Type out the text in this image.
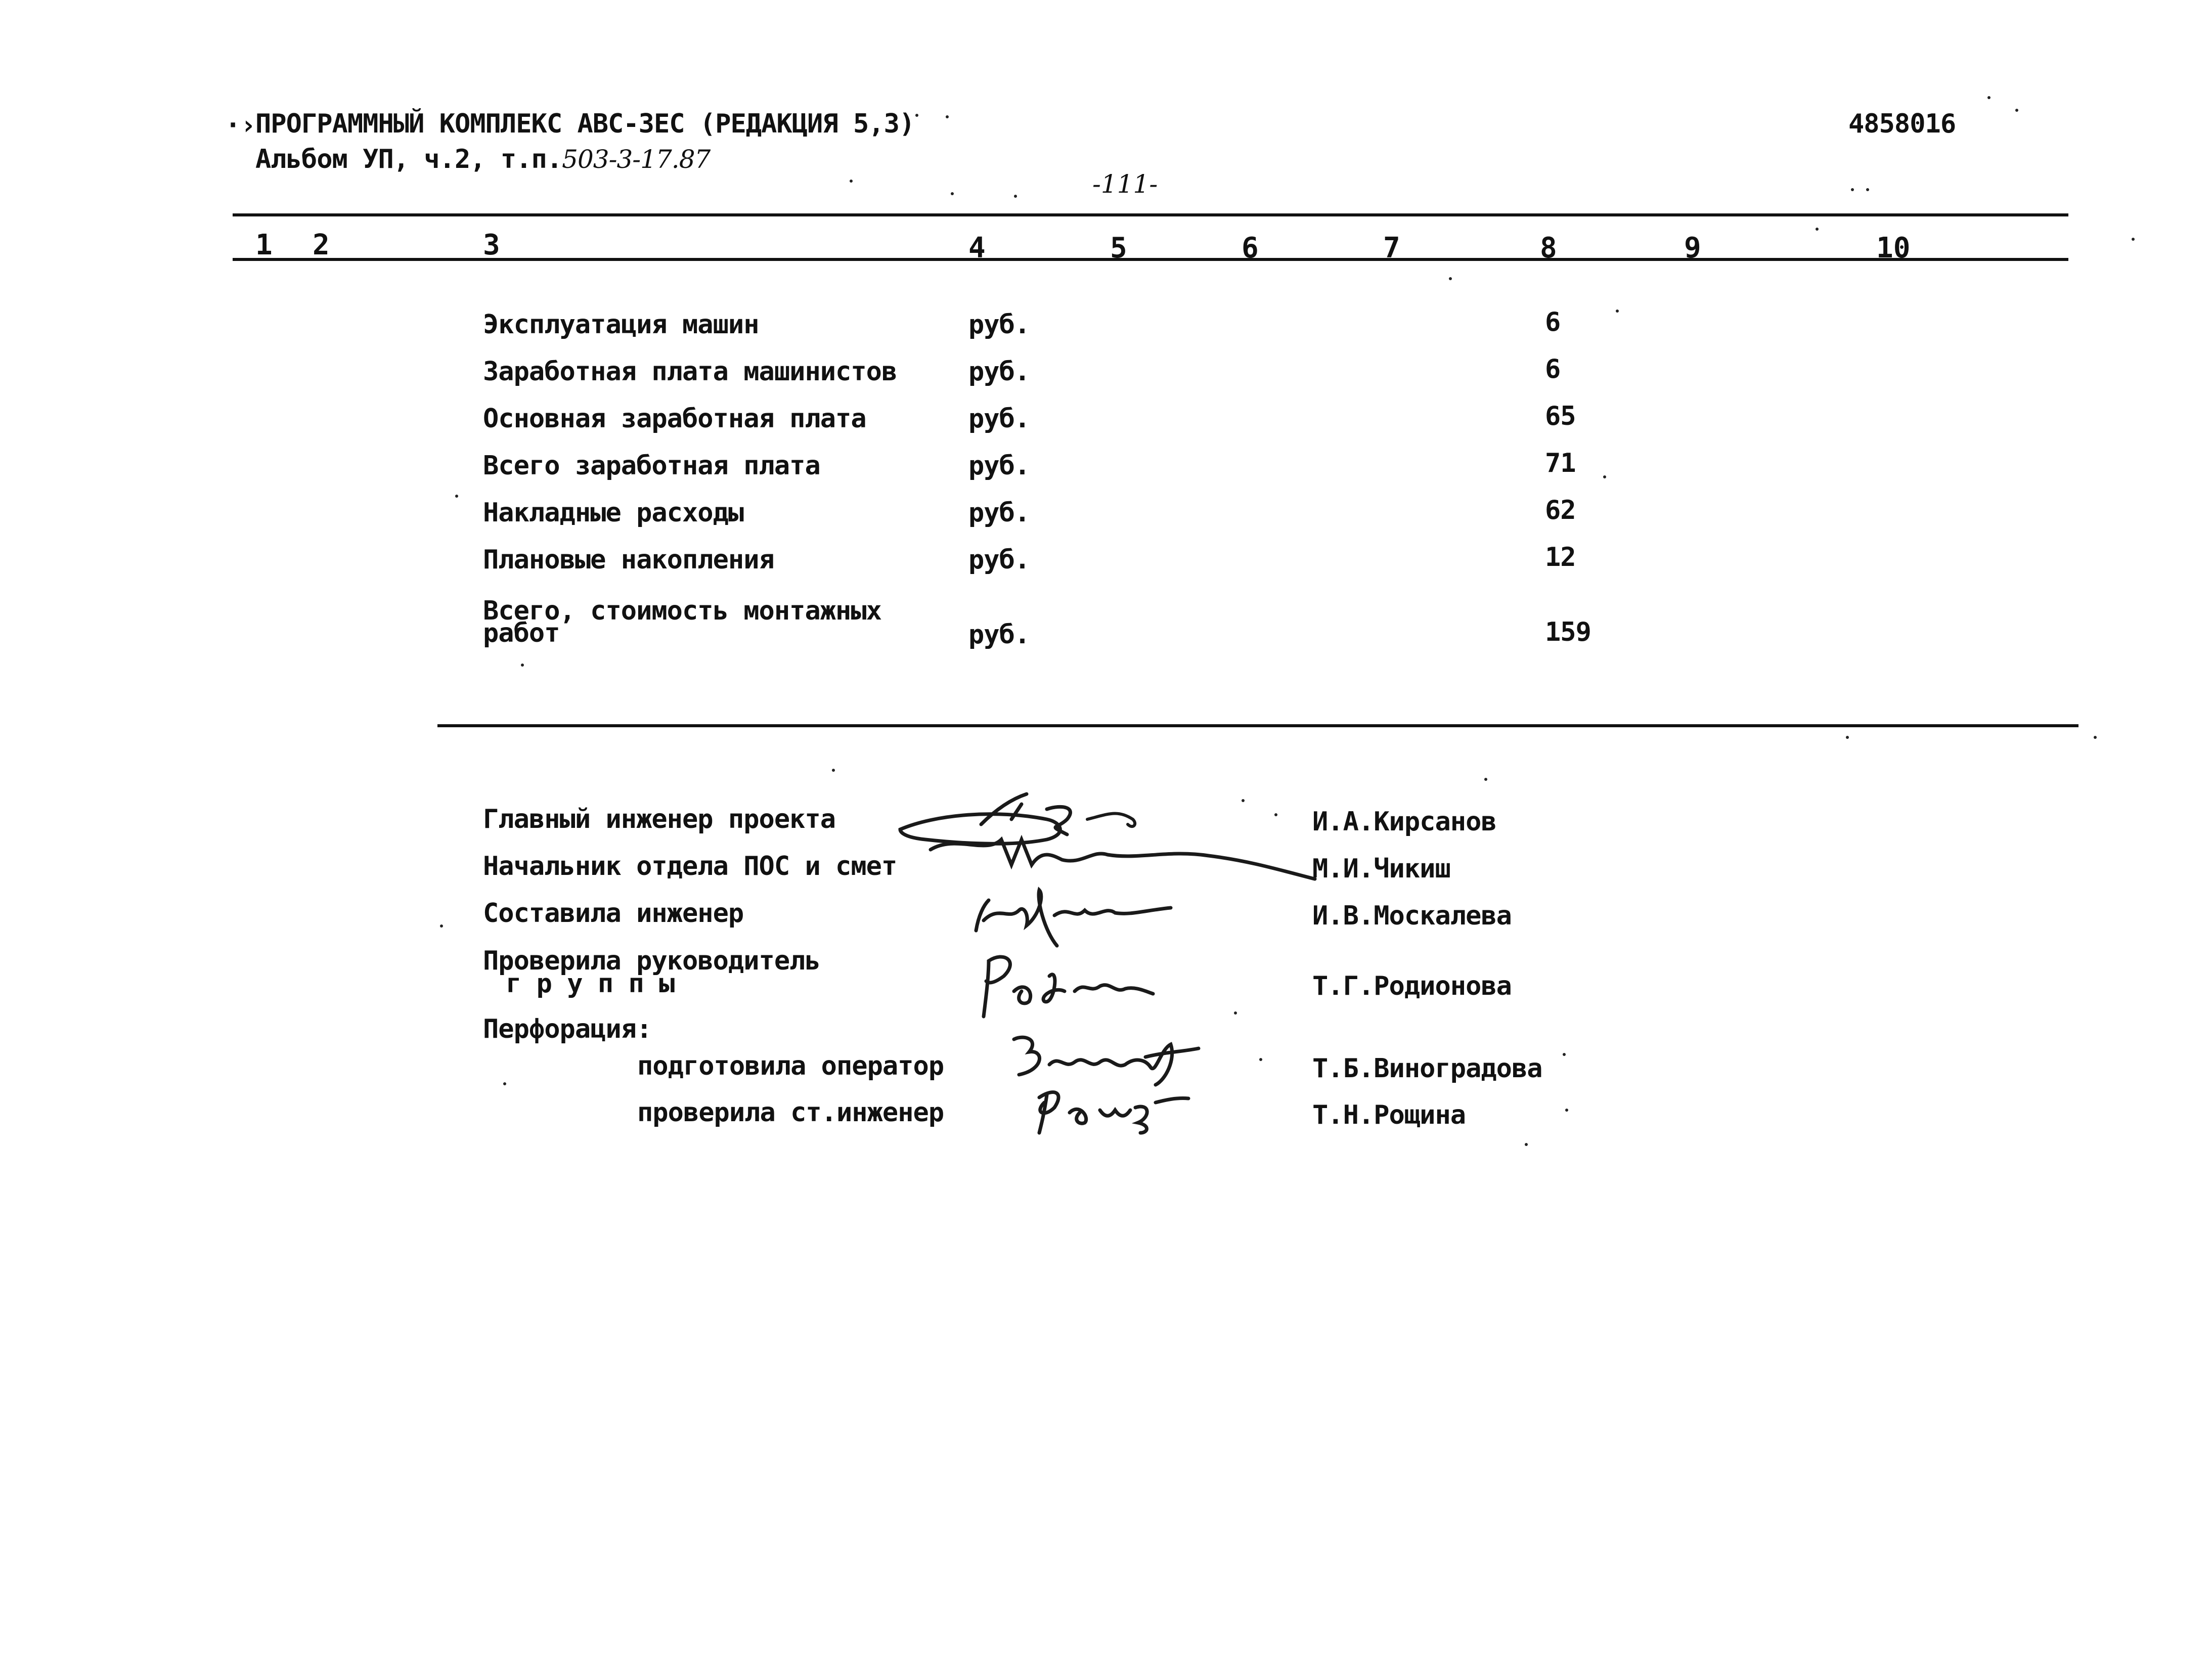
·› ПРОГРАММНЫЙ КОМПЛЕКС АВС-ЗЕС (РЕДАКЦИЯ 5,3)
Альбом УП, ч.2, т.п.503-3-17.87
4858016
-111-
1 2	3	4	5	6	7	8	9	10
Эксплуатация машин	руб.	6
Заработная плата машинистов	руб.	6
Основная заработная плата	руб.	65
Всего заработная плата	руб.	71
Накладные расходы	руб.	62
Плановые накопления	руб.	12
Всего, стоимость монтажных
работ	руб.	159
Главный инженер проекта	И.А.Кирсанов
Начальник отдела ПОС и смет	М.И.Чикиш
Составила инженер	И.В.Москалева
Проверила руководитель
г р у п п ы	Т.Г.Родионова
Перфорация:
подготовила оператор	Т.Б.Виноградова
проверила ст.инженер	Т.Н.Рощина
